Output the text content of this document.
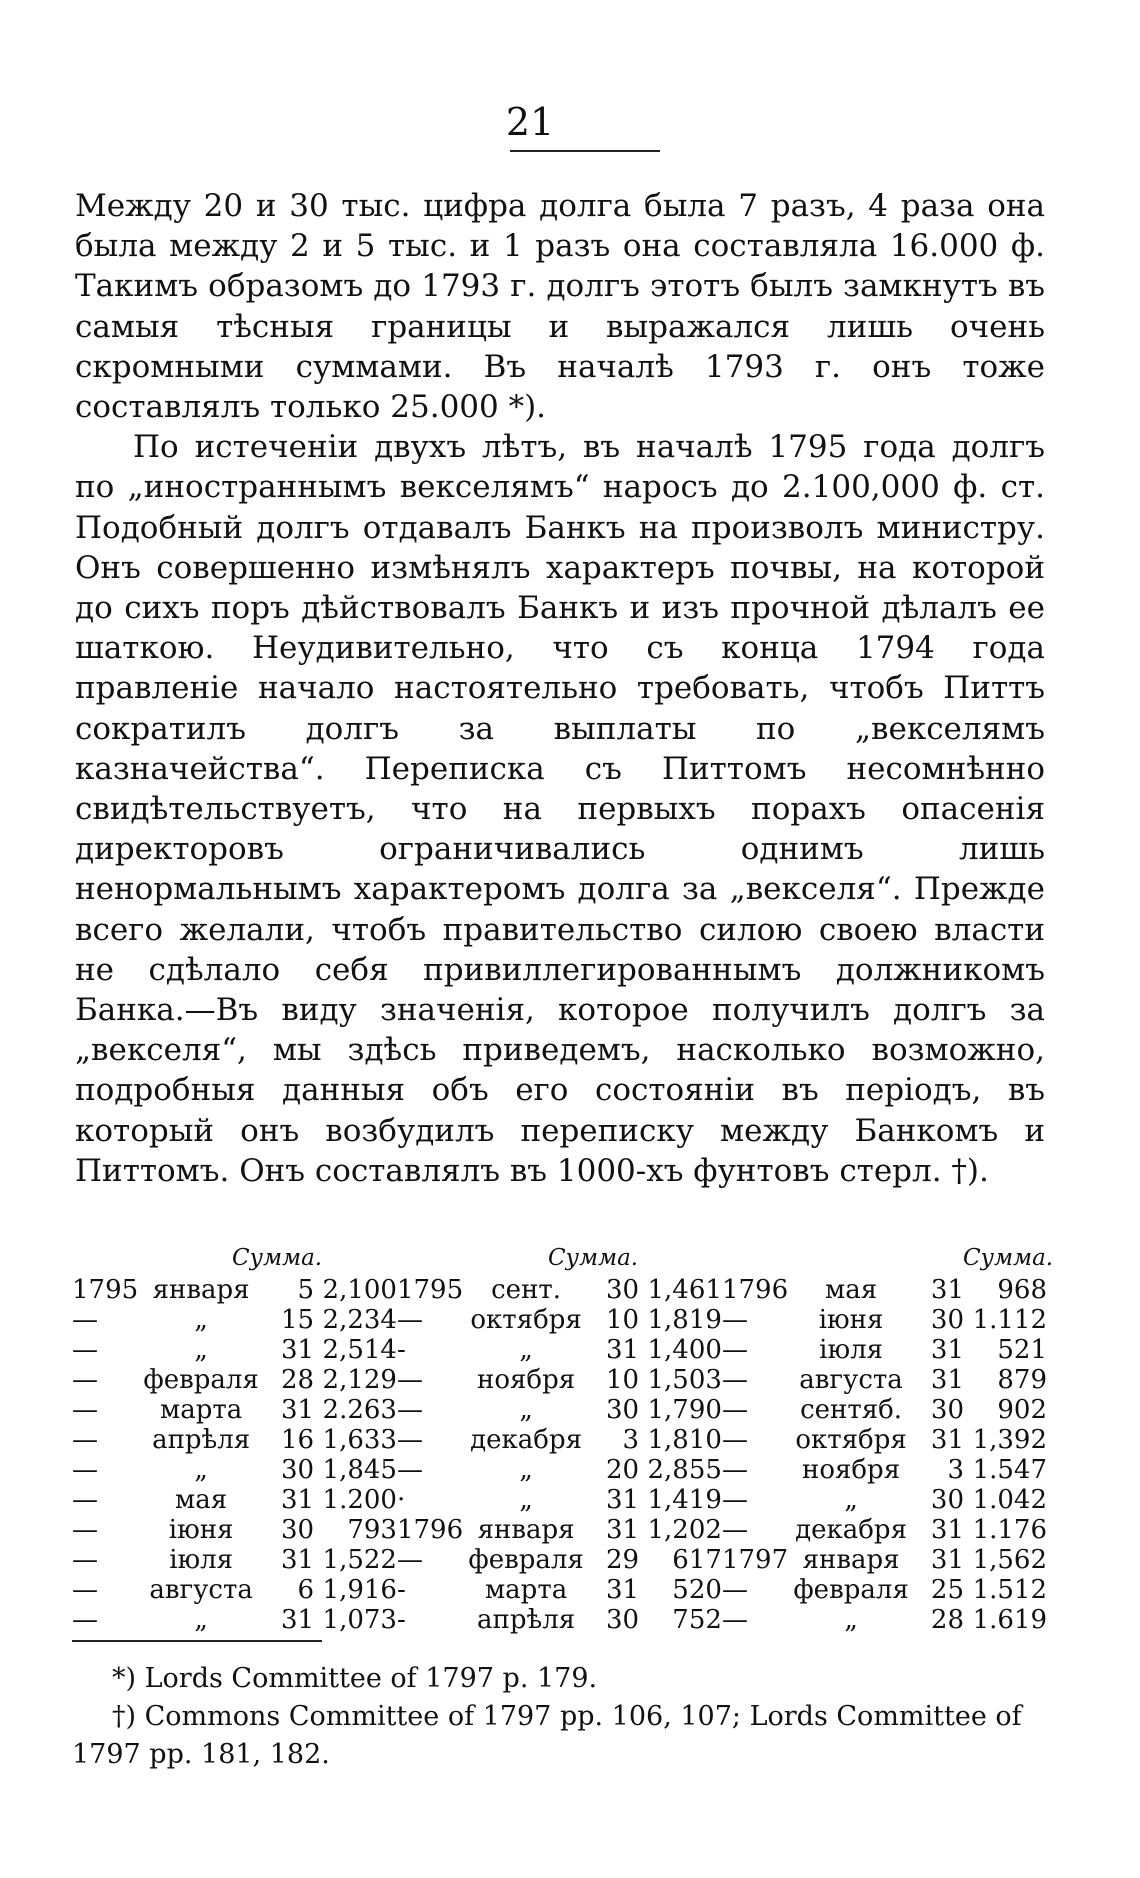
21

Между 20 и 30 тыс. цифра долга была 7 разъ, 4 раза она была между 2 и 5 тыс. и 1 разъ она составляла 16.000 ф. Такимъ образомъ до 1793 г. долгъ этотъ былъ замкнутъ въ самыя тѣсныя границы и выражался лишь очень скромными суммами. Въ началѣ 1793 г. онъ тоже составлялъ только 25.000 *).

По истеченіи двухъ лѣтъ, въ началѣ 1795 года долгъ по „иностраннымъ векселямъ“ наросъ до 2.100,000 ф. ст. Подобный долгъ отдавалъ Банкъ на произволъ министру. Онъ совершенно измѣнялъ характеръ почвы, на которой до сихъ поръ дѣйствовалъ Банкъ и изъ прочной дѣлалъ ее шаткою. Неудивительно, что съ конца 1794 года правленіе начало настоятельно требовать, чтобъ Питтъ сократилъ долгъ за выплаты по „векселямъ казначейства“. Переписка съ Питтомъ несомнѣнно свидѣтельствуетъ, что на первыхъ порахъ опасенія директоровъ ограничивались однимъ лишь ненормальнымъ характеромъ долга за „векселя“. Прежде всего желали, чтобъ правительство силою своею власти не сдѣлало себя привиллегированнымъ должникомъ Банка.—Въ виду значенія, которое получилъ долгъ за „векселя“, мы здѣсь приведемъ, насколько возможно, подробныя данныя объ его состояніи въ періодъ, въ который онъ возбудилъ переписку между Банкомъ и Питтомъ. Онъ составлялъ въ 1000-хъ фунтовъ стерл. †).

Сумма.	Сумма.	Сумма.
1795	января	5	2,100	1795	сент.	30	1,461	1796	мая	31	968
—	„	15	2,234	—	октября	10	1,819	—	іюня	30	1.112
—	„	31	2,514	-	„	31	1,400	—	іюля	31	521
—	февраля	28	2,129	—	ноября	10	1,503	—	августа	31	879
—	марта	31	2.263	—	„	30	1,790	—	сентяб.	30	902
—	апрѣля	16	1,633	—	декабря	3	1,810	—	октября	31	1,392
—	„	30	1,845	—	„	20	2,855	—	ноября	3	1.547
—	мая	31	1.200	·	„	31	1,419	—	„	30	1.042
—	іюня	30	793	1796	января	31	1,202	—	декабря	31	1.176
—	іюля	31	1,522	—	февраля	29	617	1797	января	31	1,562
—	августа	6	1,916	-	марта	31	520	—	февраля	25	1.512
—	„	31	1,073	-	апрѣля	30	752	—	„	28	1.619

*) Lords Committee of 1797 p. 179.

†) Commons Committee of 1797 pp. 106, 107; Lords Committee of 1797 pp. 181, 182.
